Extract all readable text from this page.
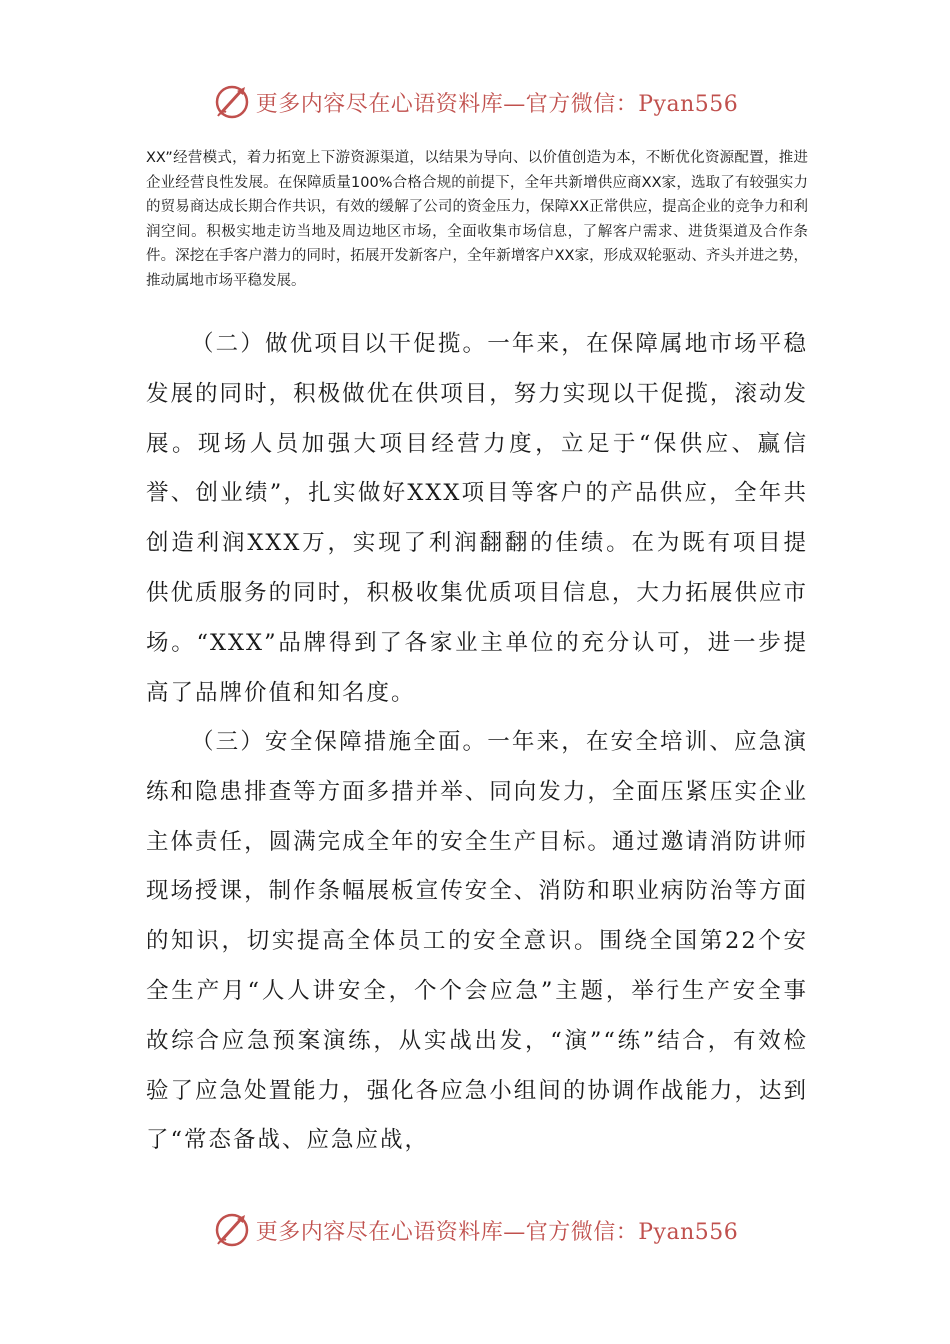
更多内容尽在心语资料库—官方微信：Pyan556

XX”经营模式，着力拓宽上下游资源渠道，以结果为导向、以价值创造为本，不断优化资源配置，推进企业经营良性发展。在保障质量100%合格合规的前提下，全年共新增供应商XX家，选取了有较强实力的贸易商达成长期合作共识，有效的缓解了公司的资金压力，保障XX正常供应，提高企业的竞争力和利润空间。积极实地走访当地及周边地区市场，全面收集市场信息，了解客户需求、进货渠道及合作条件。深挖在手客户潜力的同时，拓展开发新客户，全年新增客户XX家，形成双轮驱动、齐头并进之势，推动属地市场平稳发展。

（二）做优项目以干促揽。一年来，在保障属地市场平稳发展的同时，积极做优在供项目，努力实现以干促揽，滚动发展。现场人员加强大项目经营力度，立足于“保供应、赢信誉、创业绩”，扎实做好XXX项目等客户的产品供应，全年共创造利润XXX万，实现了利润翻翻的佳绩。在为既有项目提供优质服务的同时，积极收集优质项目信息，大力拓展供应市场。“XXX”品牌得到了各家业主单位的充分认可，进一步提高了品牌价值和知名度。

（三）安全保障措施全面。一年来，在安全培训、应急演练和隐患排查等方面多措并举、同向发力，全面压紧压实企业主体责任，圆满完成全年的安全生产目标。通过邀请消防讲师现场授课，制作条幅展板宣传安全、消防和职业病防治等方面的知识，切实提高全体员工的安全意识。围绕全国第22个安全生产月“人人讲安全，个个会应急”主题，举行生产安全事故综合应急预案演练，从实战出发，“演”“练”结合，有效检验了应急处置能力，强化各应急小组间的协调作战能力，达到了“常态备战、应急应战，

更多内容尽在心语资料库—官方微信：Pyan556
